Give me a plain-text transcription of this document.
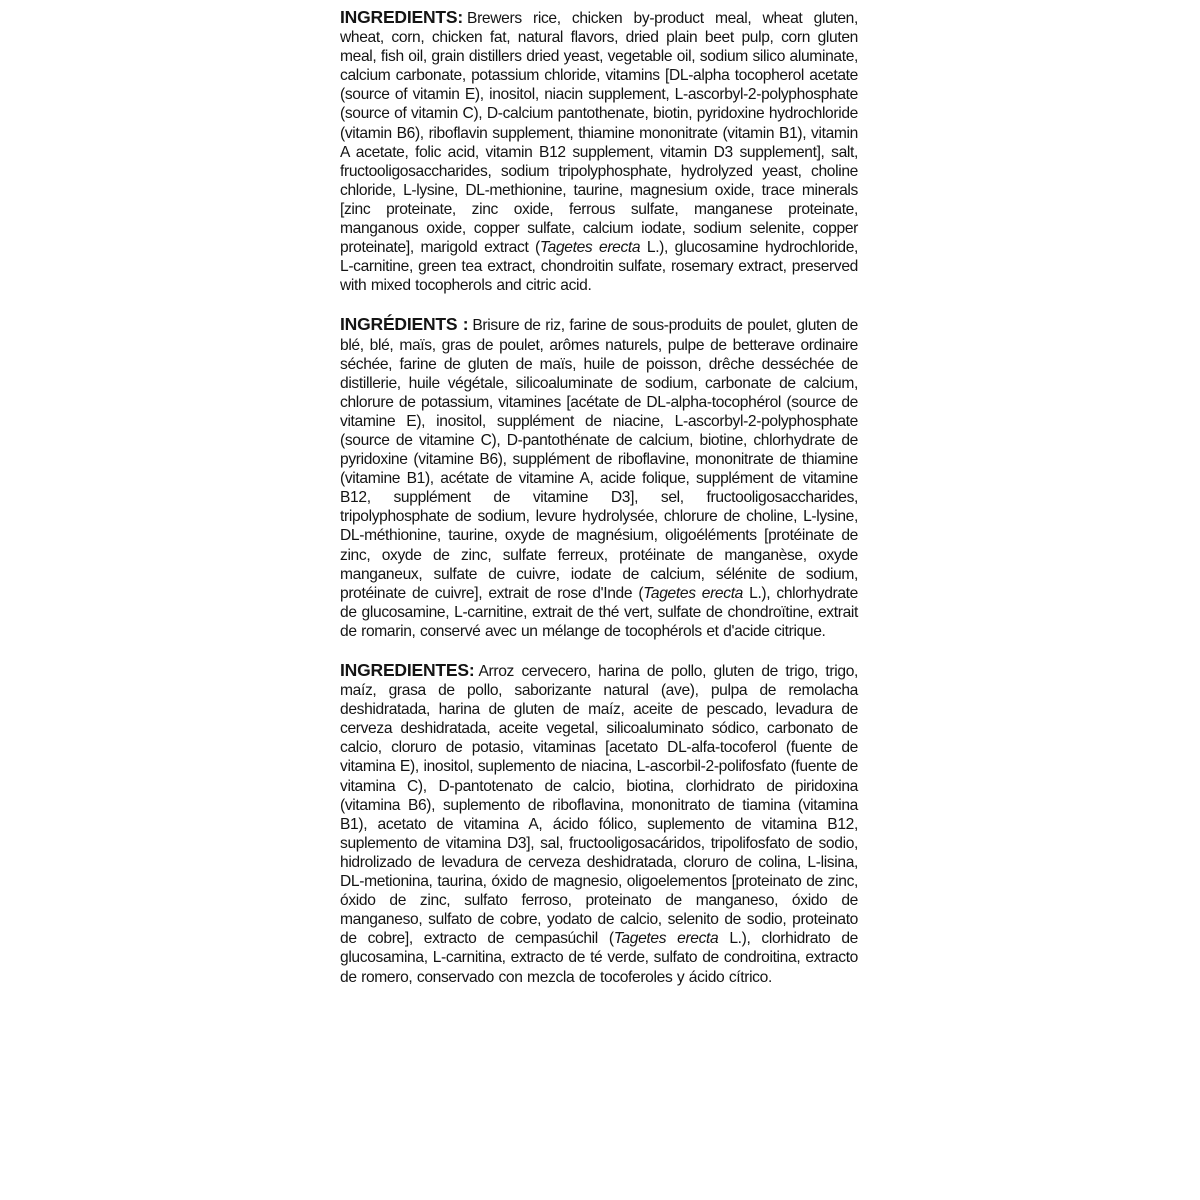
INGREDIENTS: Brewers rice, chicken by-product meal, wheat gluten, wheat, corn, chicken fat, natural flavors, dried plain beet pulp, corn gluten meal, fish oil, grain distillers dried yeast, vegetable oil, sodium silico aluminate, calcium carbonate, potassium chloride, vitamins [DL-alpha tocopherol acetate (source of vitamin E), inositol, niacin supplement, L-ascorbyl-2-polyphosphate (source of vitamin C), D-calcium pantothenate, biotin, pyridoxine hydrochloride (vitamin B6), riboflavin supplement, thiamine mononitrate (vitamin B1), vitamin A acetate, folic acid, vitamin B12 supplement, vitamin D3 supplement], salt, fructooligosaccharides, sodium tripolyphosphate, hydrolyzed yeast, choline chloride, L-lysine, DL-methionine, taurine, magnesium oxide, trace minerals [zinc proteinate, zinc oxide, ferrous sulfate, manganese proteinate, manganous oxide, copper sulfate, calcium iodate, sodium selenite, copper proteinate], marigold extract (Tagetes erecta L.), glucosamine hydrochloride, L-carnitine, green tea extract, chondroitin sulfate, rosemary extract, preserved with mixed tocopherols and citric acid.

INGRÉDIENTS : Brisure de riz, farine de sous-produits de poulet, gluten de blé, blé, maïs, gras de poulet, arômes naturels, pulpe de betterave ordinaire séchée, farine de gluten de maïs, huile de poisson, drêche desséchée de distillerie, huile végétale, silicoaluminate de sodium, carbonate de calcium, chlorure de potassium, vitamines [acétate de DL-alpha-tocophérol (source de vitamine E), inositol, supplément de niacine, L-ascorbyl-2-polyphosphate (source de vitamine C), D-pantothénate de calcium, biotine, chlorhydrate de pyridoxine (vitamine B6), supplément de riboflavine, mononitrate de thiamine (vitamine B1), acétate de vitamine A, acide folique, supplément de vitamine B12, supplément de vitamine D3], sel, fructooligosaccharides, tripolyphosphate de sodium, levure hydrolysée, chlorure de choline, L-lysine, DL-méthionine, taurine, oxyde de magnésium, oligoéléments [protéinate de zinc, oxyde de zinc, sulfate ferreux, protéinate de manganèse, oxyde manganeux, sulfate de cuivre, iodate de calcium, sélénite de sodium, protéinate de cuivre], extrait de rose d'Inde (Tagetes erecta L.), chlorhydrate de glucosamine, L-carnitine, extrait de thé vert, sulfate de chondroïtine, extrait de romarin, conservé avec un mélange de tocophérols et d'acide citrique.

INGREDIENTES: Arroz cervecero, harina de pollo, gluten de trigo, trigo, maíz, grasa de pollo, saborizante natural (ave), pulpa de remolacha deshidratada, harina de gluten de maíz, aceite de pescado, levadura de cerveza deshidratada, aceite vegetal, silicoaluminato sódico, carbonato de calcio, cloruro de potasio, vitaminas [acetato DL-alfa-tocoferol (fuente de vitamina E), inositol, suplemento de niacina, L-ascorbil-2-polifosfato (fuente de vitamina C), D-pantotenato de calcio, biotina, clorhidrato de piridoxina (vitamina B6), suplemento de riboflavina, mononitrato de tiamina (vitamina B1), acetato de vitamina A, ácido fólico, suplemento de vitamina B12, suplemento de vitamina D3], sal, fructooligosacáridos, tripolifosfato de sodio, hidrolizado de levadura de cerveza deshidratada, cloruro de colina, L-lisina, DL-metionina, taurina, óxido de magnesio, oligoelementos [proteinato de zinc, óxido de zinc, sulfato ferroso, proteinato de manganeso, óxido de manganeso, sulfato de cobre, yodato de calcio, selenito de sodio, proteinato de cobre], extracto de cempasúchil (Tagetes erecta L.), clorhidrato de glucosamina, L-carnitina, extracto de té verde, sulfato de condroitina, extracto de romero, conservado con mezcla de tocoferoles y ácido cítrico.
